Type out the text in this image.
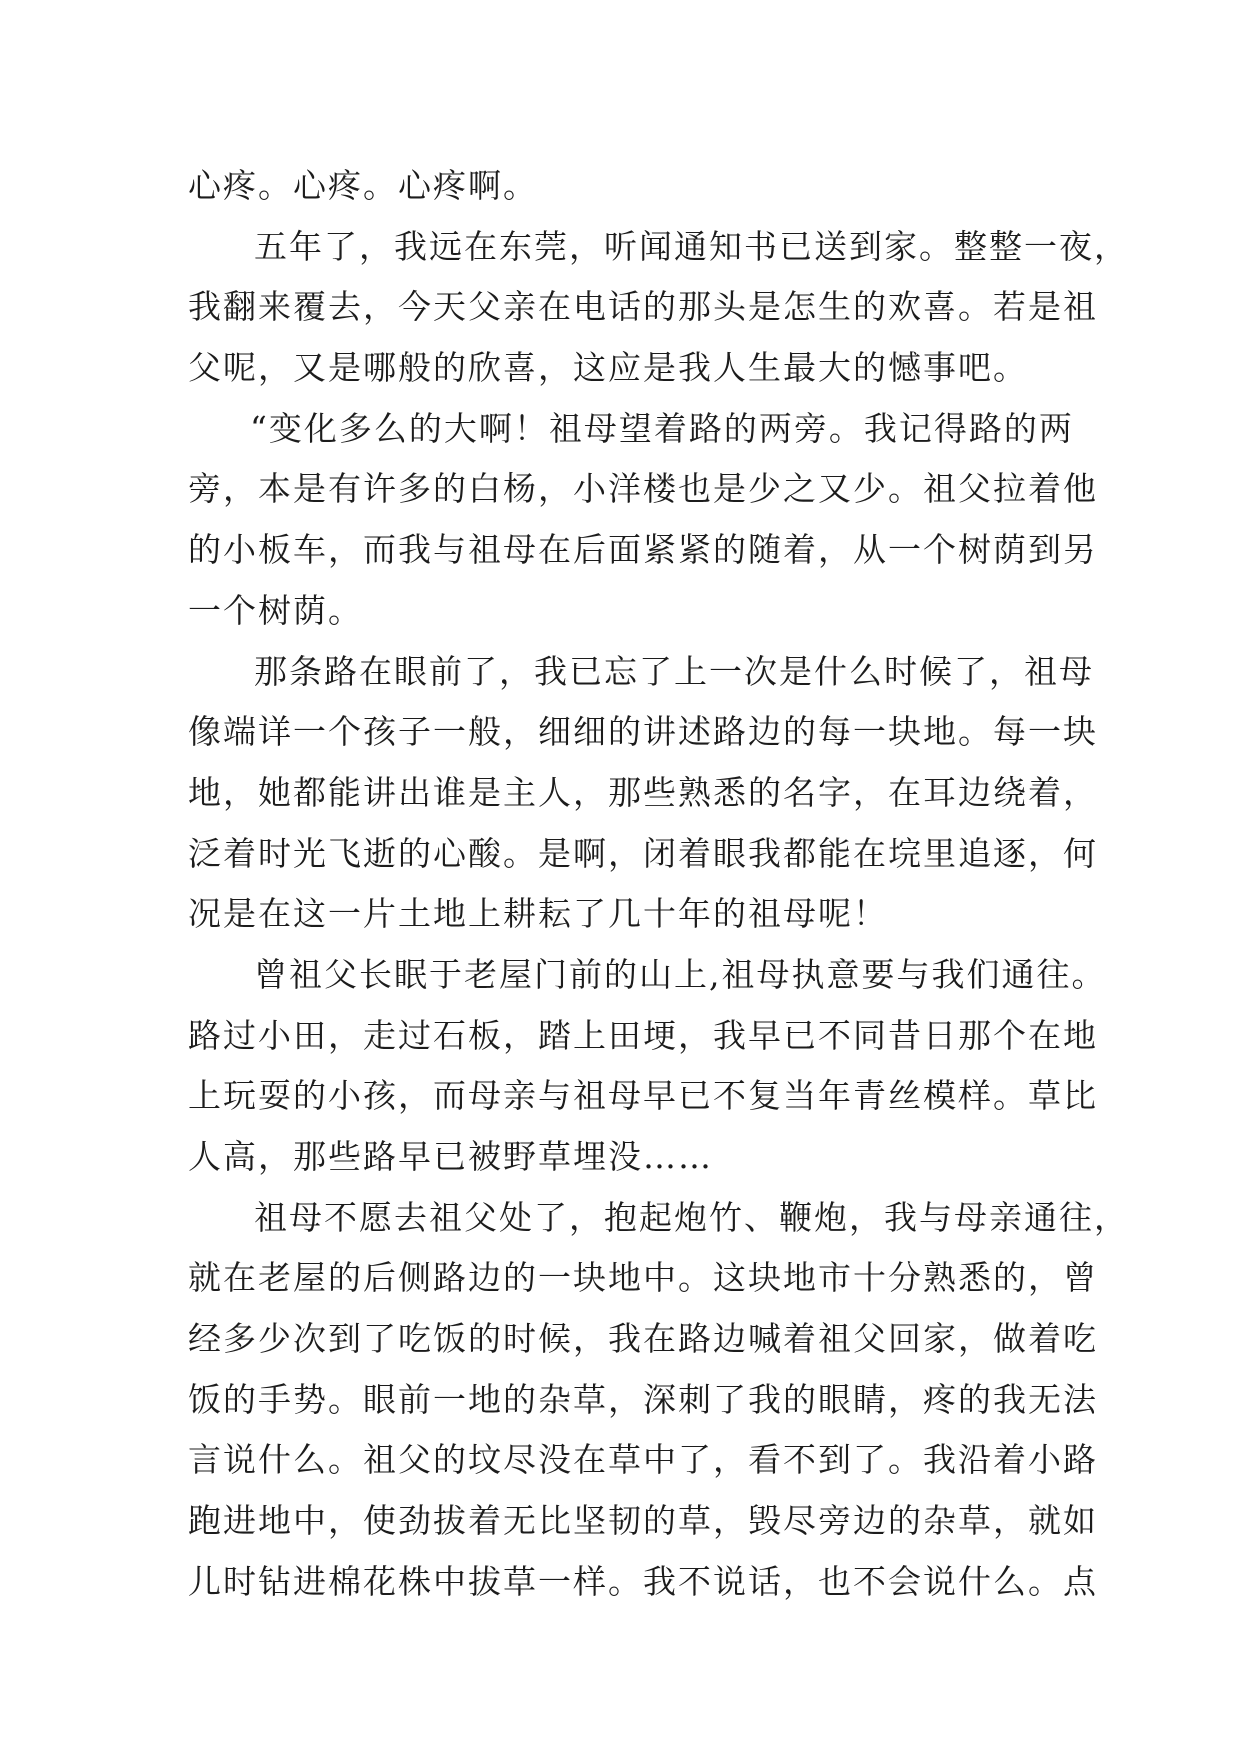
心疼。心疼。心疼啊。
五年了，我远在东莞，听闻通知书已送到家。整整一夜，
我翻来覆去，今天父亲在电话的那头是怎生的欢喜。若是祖
父呢，又是哪般的欣喜，这应是我人生最大的憾事吧。
“变化多么的大啊！祖母望着路的两旁。我记得路的两
旁，本是有许多的白杨，小洋楼也是少之又少。祖父拉着他
的小板车，而我与祖母在后面紧紧的随着，从一个树荫到另
一个树荫。
那条路在眼前了，我已忘了上一次是什么时候了，祖母
像端详一个孩子一般，细细的讲述路边的每一块地。每一块
地，她都能讲出谁是主人，那些熟悉的名字，在耳边绕着，
泛着时光飞逝的心酸。是啊，闭着眼我都能在垸里追逐，何
况是在这一片土地上耕耘了几十年的祖母呢！
曾祖父长眠于老屋门前的山上,祖母执意要与我们通往。
路过小田，走过石板，踏上田埂，我早已不同昔日那个在地
上玩耍的小孩，而母亲与祖母早已不复当年青丝模样。草比
人高，那些路早已被野草埋没……
祖母不愿去祖父处了，抱起炮竹、鞭炮，我与母亲通往，
就在老屋的后侧路边的一块地中。这块地市十分熟悉的，曾
经多少次到了吃饭的时候，我在路边喊着祖父回家，做着吃
饭的手势。眼前一地的杂草，深刺了我的眼睛，疼的我无法
言说什么。祖父的坟尽没在草中了，看不到了。我沿着小路
跑进地中，使劲拔着无比坚韧的草，毁尽旁边的杂草，就如
儿时钻进棉花株中拔草一样。我不说话，也不会说什么。点
